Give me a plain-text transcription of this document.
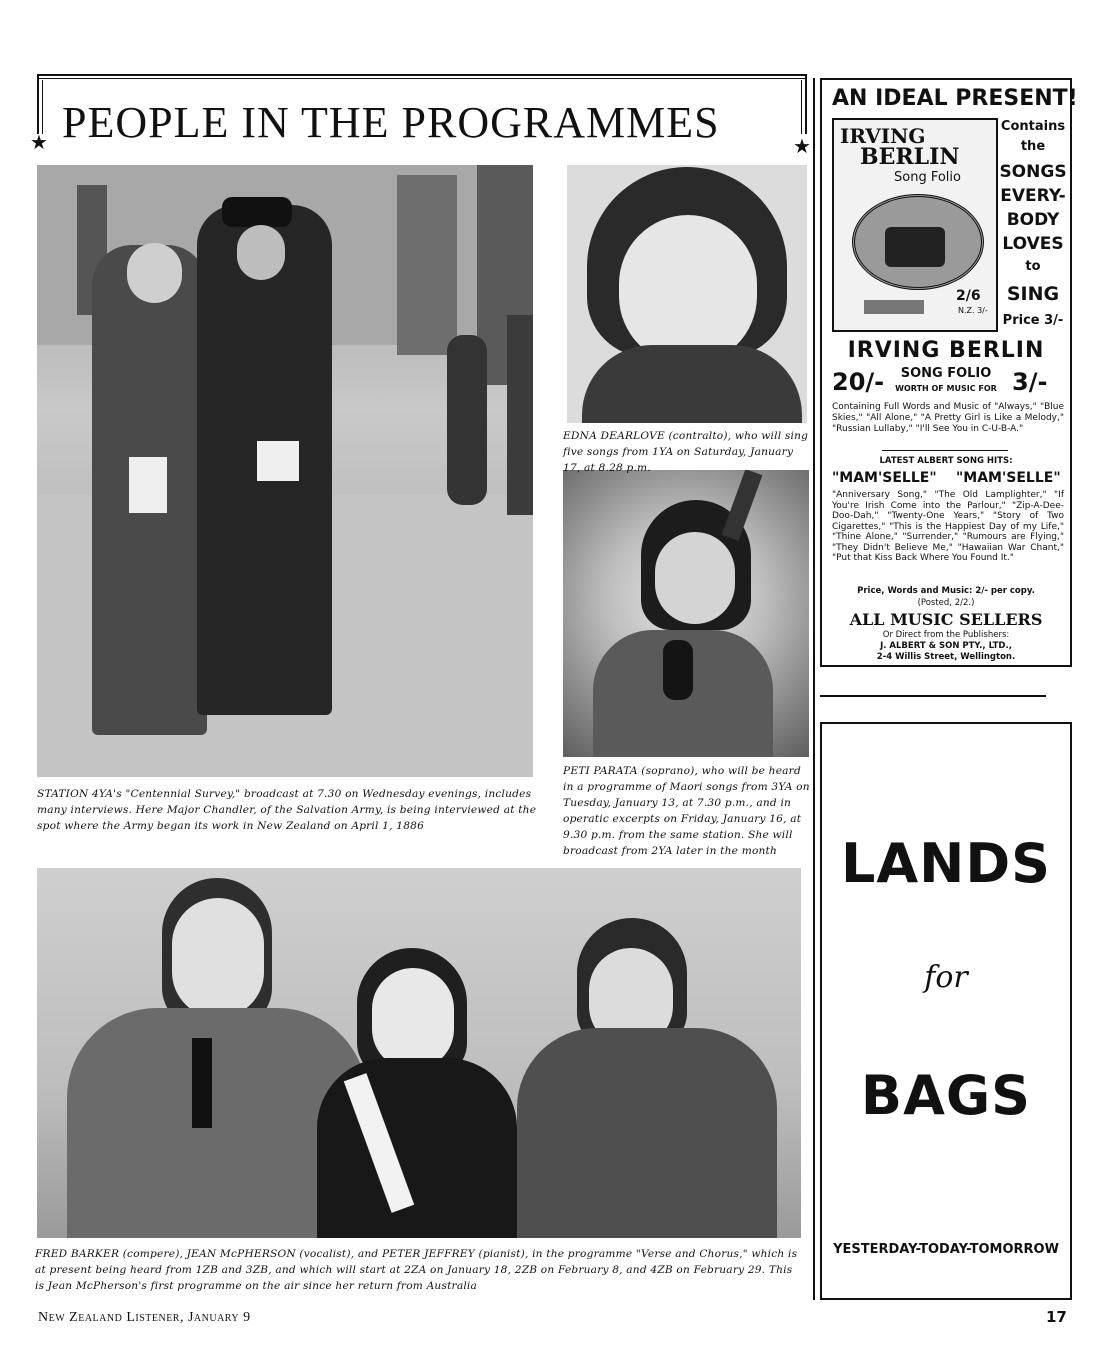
★	★
PEOPLE IN THE PROGRAMMES
STATION 4YA's "Centennial Survey," broadcast at 7.30 on Wednesday evenings, includes many interviews. Here Major Chandler, of the Salvation Army, is being interviewed at the spot where the Army began its work in New Zealand on April 1, 1886
EDNA DEARLOVE (contralto), who will sing five songs from 1YA on Saturday, January 17, at 8.28 p.m.
PETI PARATA (soprano), who will be heard in a programme of Maori songs from 3YA on Tuesday, January 13, at 7.30 p.m., and in operatic excerpts on Friday, January 16, at 9.30 p.m. from the same station. She will broadcast from 2YA later in the month
FRED BARKER (compere), JEAN McPHERSON (vocalist), and PETER JEFFREY (pianist), in the programme "Verse and Chorus," which is at present being heard from 1ZB and 3ZB, and which will start at 2ZA on January 18, 2ZB on February 8, and 4ZB on February 29. This is Jean McPherson's first programme on the air since her return from Australia
AN IDEAL PRESENT!
IRVING
BERLIN
Song Folio
2/6
N.Z. 3/-
Contains
the
SONGS
EVERY-
BODY
LOVES
to
SING
Price 3/-
IRVING BERLIN
20/-	SONG FOLIO
WORTH OF MUSIC FOR 3/-
Containing Full Words and Music of "Always," "Blue Skies," "All Alone," "A Pretty Girl is Like a Melody," "Russian Lullaby," "I'll See You in C-U-B-A."
LATEST ALBERT SONG HITS:
"MAM'SELLE" "MAM'SELLE"
"Anniversary Song," "The Old Lamplighter," "If You're Irish Come into the Parlour," "Zip-A-Dee-Doo-Dah," "Twenty-One Years," "Story of Two Cigarettes," "This is the Happiest Day of my Life," "Thine Alone," "Surrender," "Rumours are Flying," "They Didn't Believe Me," "Hawaiian War Chant," "Put that Kiss Back Where You Found It."
Price, Words and Music: 2/- per copy.
(Posted, 2/2.)
ALL MUSIC SELLERS
Or Direct from the Publishers:
J. ALBERT & SON PTY., LTD.,
2-4 Willis Street, Wellington.
LANDS
for
BAGS
YESTERDAY-TODAY-TOMORROW
New Zealand Listener, January 9	17
